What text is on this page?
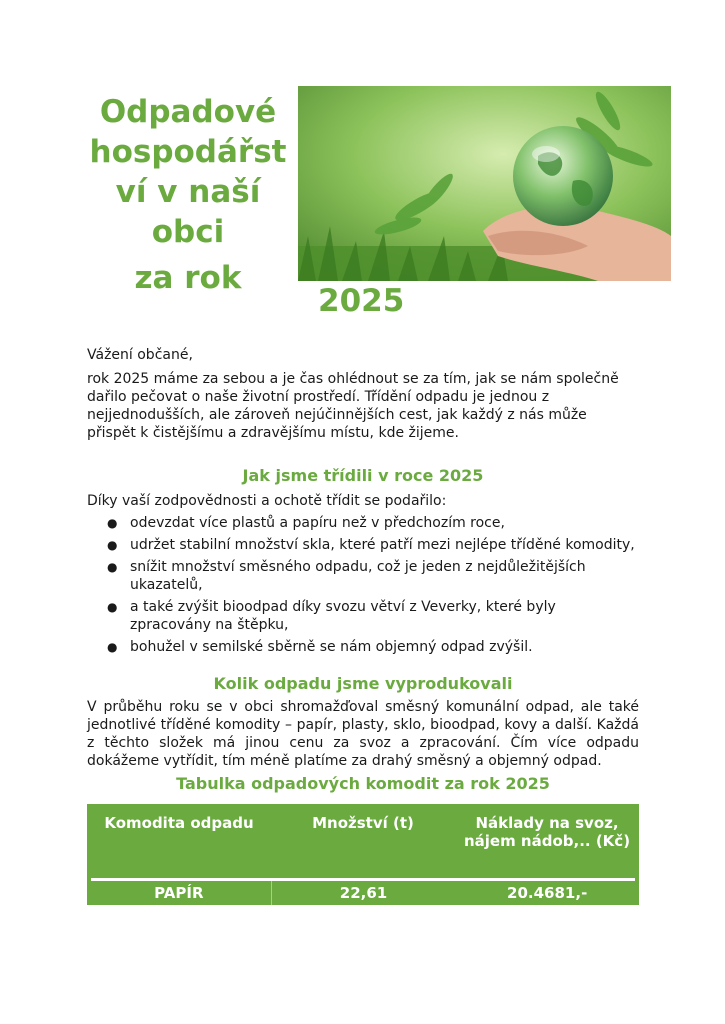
Odpadové
hospodářst
ví v naší
obci
za rok
2025

Vážení občané,

rok 2025 máme za sebou a je čas ohlédnout se za tím, jak se nám společně dařilo pečovat o naše životní prostředí. Třídění odpadu je jednou z nejjednodušších, ale zároveň nejúčinnějších cest, jak každý z nás může přispět k čistějšímu a zdravějšímu místu, kde žijeme.

Jak jsme třídili v roce 2025

Díky vaší zodpovědnosti a ochotě třídit se podařilo:

● odevzdat více plastů a papíru než v předchozím roce,
● udržet stabilní množství skla, které patří mezi nejlépe tříděné komodity,
● snížit množství směsného odpadu, což je jeden z nejdůležitějších ukazatelů,
● a také zvýšit bioodpad díky svozu větví z Veverky, které byly zpracovány na štěpku,
● bohužel v semilské sběrně se nám objemný odpad zvýšil.
Kolik odpadu jsme vyprodukovali

V průběhu roku se v obci shromažďoval směsný komunální odpad, ale také jednotlivé tříděné komodity – papír, plasty, sklo, bioodpad, kovy a další. Každá z těchto složek má jinou cenu za svoz a zpracování. Čím více odpadu dokážeme vytřídit, tím méně platíme za drahý směsný a objemný odpad.

Tabulka odpadových komodit za rok 2025
Komodita odpadu	Množství (t)	Náklady na svoz, nájem nádob,.. (Kč)
PAPÍR	22,61	20.4681,-
